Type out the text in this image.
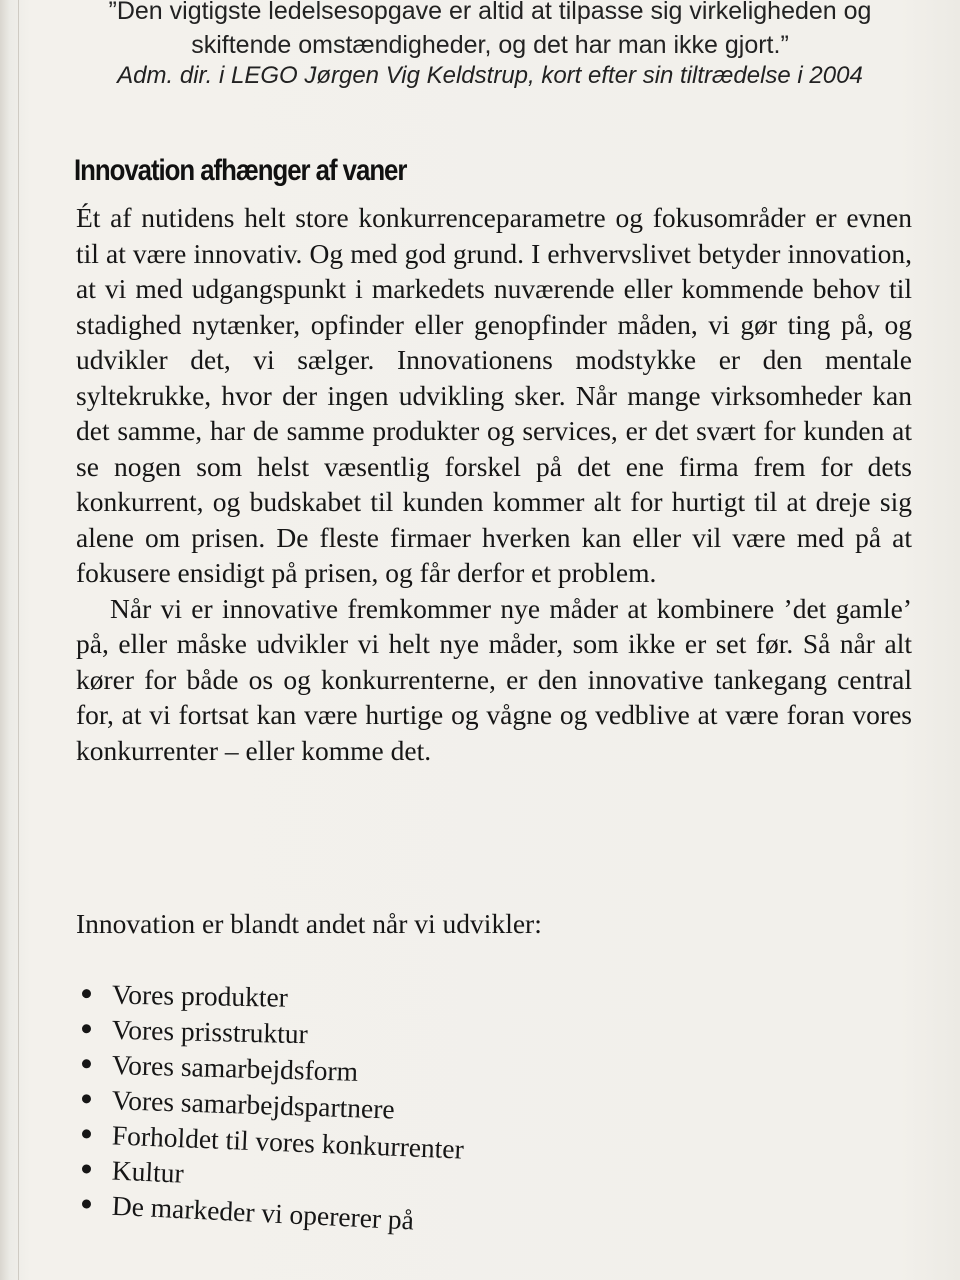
”Den vigtigste ledelsesopgave er altid at tilpasse sig virkeligheden og
skiftende omstændigheder, og det har man ikke gjort.”
Adm. dir. i LEGO Jørgen Vig Keldstrup, kort efter sin tiltrædelse i 2004
Innovation afhænger af vaner

Ét af nutidens helt store konkurrenceparametre og fokusområder er evnen til at være innovativ. Og med god grund. I erhvervslivet betyder innovation, at vi med udgangspunkt i markedets nuværende eller kommende behov til stadighed nytænker, opfinder eller genopfinder måden, vi gør ting på, og udvikler det, vi sælger. Innovationens modstykke er den mentale syltekrukke, hvor der ingen udvikling sker. Når mange virksomheder kan det samme, har de samme produkter og services, er det svært for kunden at se nogen som helst væsentlig forskel på det ene firma frem for dets konkurrent, og budskabet til kunden kommer alt for hurtigt til at dreje sig alene om prisen. De fleste firmaer hverken kan eller vil være med på at fokusere ensidigt på prisen, og får derfor et problem.

Når vi er innovative fremkommer nye måder at kombinere ’det gamle’ på, eller måske udvikler vi helt nye måder, som ikke er set før. Så når alt kører for både os og konkurrenterne, er den innovative tankegang central for, at vi fortsat kan være hurtige og vågne og vedblive at være foran vores konkurrenter – eller komme det.

Innovation er blandt andet når vi udvikler:
Vores produkter
Vores prisstruktur
Vores samarbejdsform
Vores samarbejdspartnere
Forholdet til vores konkurrenter
Kultur
De markeder vi opererer på
